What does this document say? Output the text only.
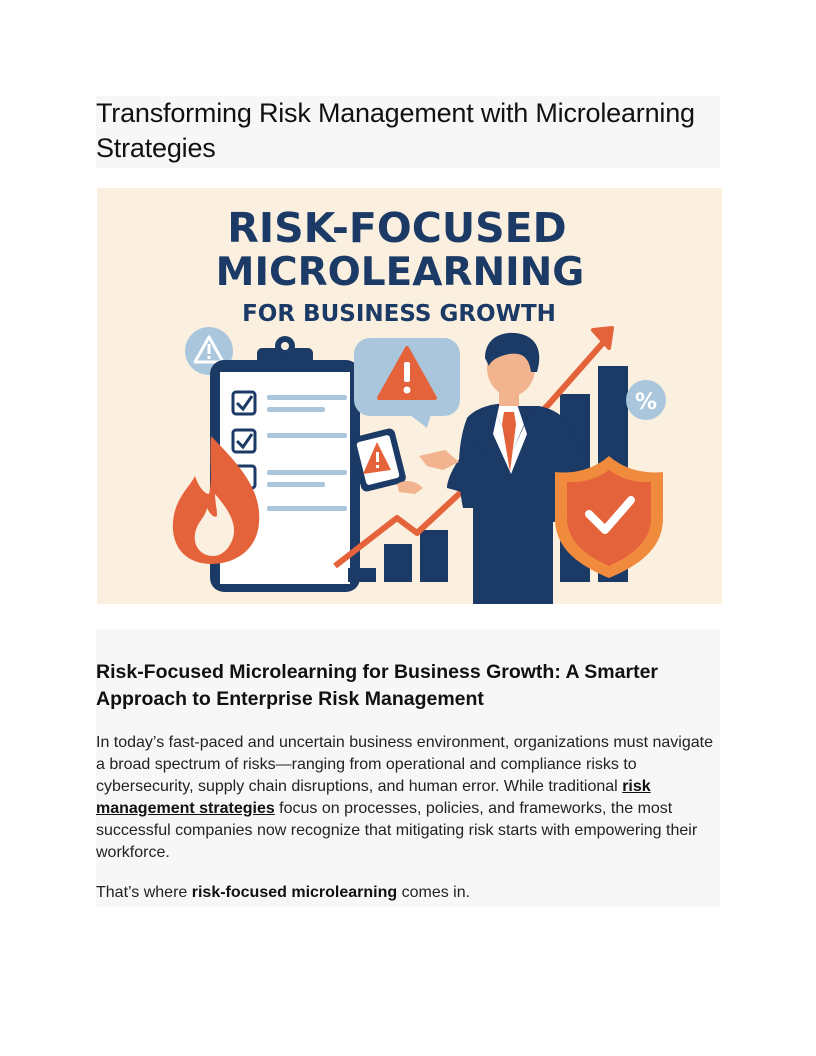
Transforming Risk Management with Microlearning Strategies
RISK-FOCUSED
MICROLEARNING
FOR BUSINESS GROWTH
%
Risk-Focused Microlearning for Business Growth: A Smarter Approach to Enterprise Risk Management

In today’s fast-paced and uncertain business environment, organizations must navigate a broad spectrum of risks—ranging from operational and compliance risks to cybersecurity, supply chain disruptions, and human error. While traditional risk management strategies focus on processes, policies, and frameworks, the most successful companies now recognize that mitigating risk starts with empowering their workforce.

That’s where risk-focused microlearning comes in.
